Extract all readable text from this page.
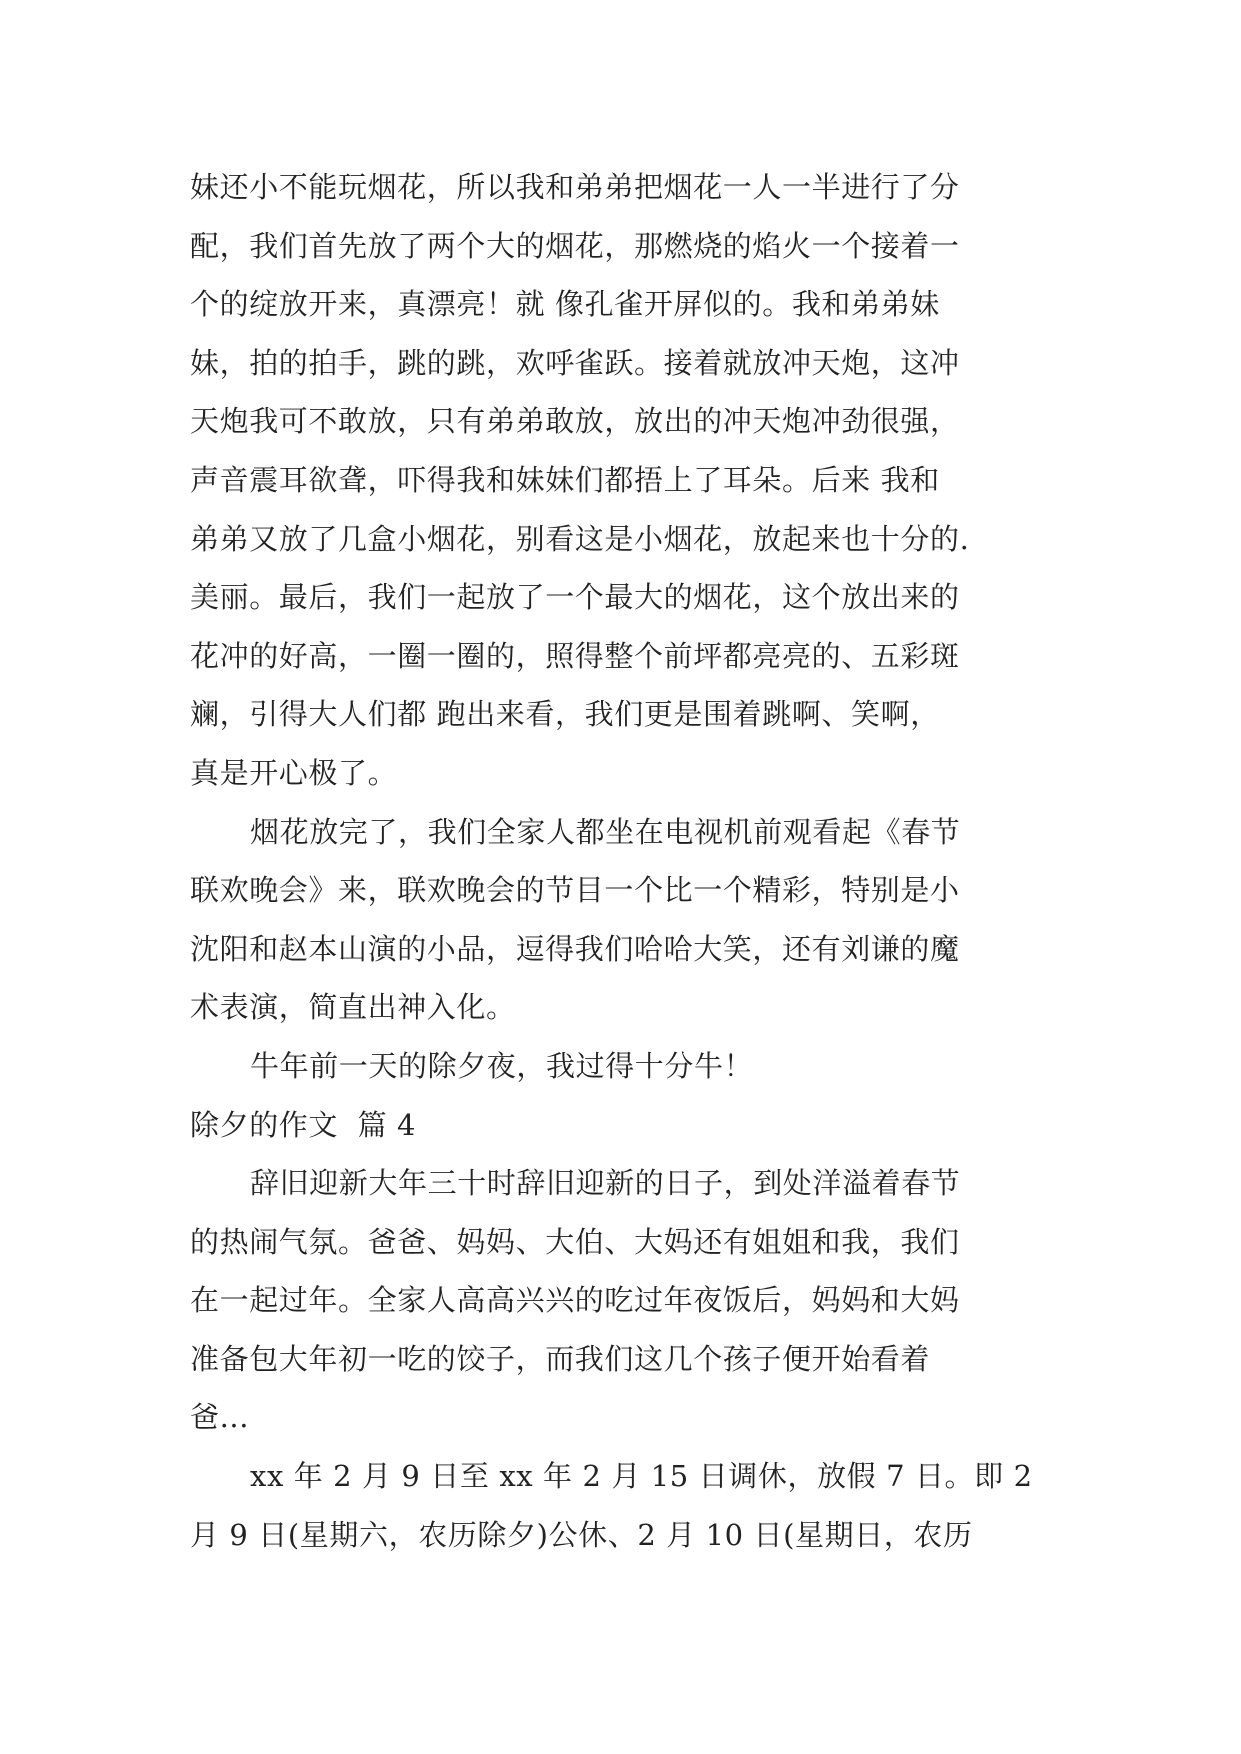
妹还小不能玩烟花，所以我和弟弟把烟花一人一半进行了分
配，我们首先放了两个大的烟花，那燃烧的焰火一个接着一
个的绽放开来，真漂亮！就 像孔雀开屏似的。我和弟弟妹
妹，拍的拍手，跳的跳，欢呼雀跃。接着就放冲天炮，这冲
天炮我可不敢放，只有弟弟敢放，放出的冲天炮冲劲很强，
声音震耳欲聋，吓得我和妹妹们都捂上了耳朵。后来 我和
弟弟又放了几盒小烟花，别看这是小烟花，放起来也十分的.
美丽。最后，我们一起放了一个最大的烟花，这个放出来的
花冲的好高，一圈一圈的，照得整个前坪都亮亮的、五彩斑
斓，引得大人们都 跑出来看，我们更是围着跳啊、笑啊，
真是开心极了。
烟花放完了，我们全家人都坐在电视机前观看起《春节
联欢晚会》来，联欢晚会的节目一个比一个精彩，特别是小
沈阳和赵本山演的小品，逗得我们哈哈大笑，还有刘谦的魔
术表演，简直出神入化。
牛年前一天的除夕夜，我过得十分牛！
除夕的作文  篇 4
辞旧迎新大年三十时辞旧迎新的日子，到处洋溢着春节
的热闹气氛。爸爸、妈妈、大伯、大妈还有姐姐和我，我们
在一起过年。全家人高高兴兴的吃过年夜饭后，妈妈和大妈
准备包大年初一吃的饺子，而我们这几个孩子便开始看着
爸...
xx 年 2 月 9 日至 xx 年 2 月 15 日调休，放假 7 日。即 2
月 9 日(星期六，农历除夕)公休、2 月 10 日(星期日，农历
